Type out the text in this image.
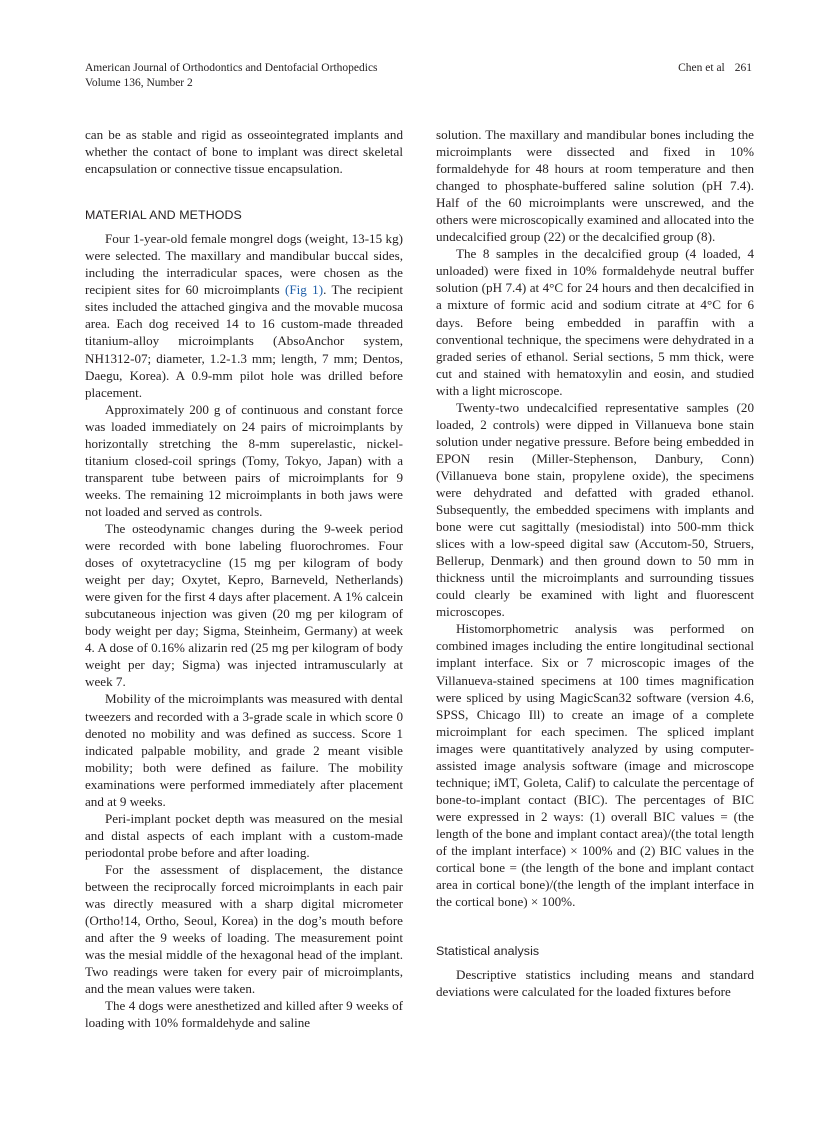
American Journal of Orthodontics and Dentofacial Orthopedics
Volume 136, Number 2
Chen et al 261

can be as stable and rigid as osseointegrated implants and whether the contact of bone to implant was direct skeletal encapsulation or connective tissue encapsulation.

MATERIAL AND METHODS

Four 1-year-old female mongrel dogs (weight, 13-15 kg) were selected. The maxillary and mandibular buccal sides, including the interradicular spaces, were chosen as the recipient sites for 60 microimplants (Fig 1). The recipient sites included the attached gingiva and the movable mucosa area. Each dog received 14 to 16 custom-made threaded titanium-alloy microimplants (AbsoAnchor system, NH1312-07; diameter, 1.2-1.3 mm; length, 7 mm; Dentos, Daegu, Korea). A 0.9-mm pilot hole was drilled before placement.

Approximately 200 g of continuous and constant force was loaded immediately on 24 pairs of microimplants by horizontally stretching the 8-mm superelastic, nickel-titanium closed-coil springs (Tomy, Tokyo, Japan) with a transparent tube between pairs of microimplants for 9 weeks. The remaining 12 microimplants in both jaws were not loaded and served as controls.

The osteodynamic changes during the 9-week period were recorded with bone labeling fluorochromes. Four doses of oxytetracycline (15 mg per kilogram of body weight per day; Oxytet, Kepro, Barneveld, Netherlands) were given for the first 4 days after placement. A 1% calcein subcutaneous injection was given (20 mg per kilogram of body weight per day; Sigma, Steinheim, Germany) at week 4. A dose of 0.16% alizarin red (25 mg per kilogram of body weight per day; Sigma) was injected intramuscularly at week 7.

Mobility of the microimplants was measured with dental tweezers and recorded with a 3-grade scale in which score 0 denoted no mobility and was defined as success. Score 1 indicated palpable mobility, and grade 2 meant visible mobility; both were defined as failure. The mobility examinations were performed immediately after placement and at 9 weeks.

Peri-implant pocket depth was measured on the mesial and distal aspects of each implant with a custom-made periodontal probe before and after loading.

For the assessment of displacement, the distance between the reciprocally forced microimplants in each pair was directly measured with a sharp digital micrometer (Ortho!14, Ortho, Seoul, Korea) in the dog’s mouth before and after the 9 weeks of loading. The measurement point was the mesial middle of the hexagonal head of the implant. Two readings were taken for every pair of microimplants, and the mean values were taken.

The 4 dogs were anesthetized and killed after 9 weeks of loading with 10% formaldehyde and saline

solution. The maxillary and mandibular bones including the microimplants were dissected and fixed in 10% formaldehyde for 48 hours at room temperature and then changed to phosphate-buffered saline solution (pH 7.4). Half of the 60 microimplants were unscrewed, and the others were microscopically examined and allocated into the undecalcified group (22) or the decalcified group (8).

The 8 samples in the decalcified group (4 loaded, 4 unloaded) were fixed in 10% formaldehyde neutral buffer solution (pH 7.4) at 4°C for 24 hours and then decalcified in a mixture of formic acid and sodium citrate at 4°C for 6 days. Before being embedded in paraffin with a conventional technique, the specimens were dehydrated in a graded series of ethanol. Serial sections, 5 mm thick, were cut and stained with hematoxylin and eosin, and studied with a light microscope.

Twenty-two undecalcified representative samples (20 loaded, 2 controls) were dipped in Villanueva bone stain solution under negative pressure. Before being embedded in EPON resin (Miller-Stephenson, Danbury, Conn) (Villanueva bone stain, propylene oxide), the specimens were dehydrated and defatted with graded ethanol. Subsequently, the embedded specimens with implants and bone were cut sagittally (mesiodistal) into 500-mm thick slices with a low-speed digital saw (Accutom-50, Struers, Bellerup, Denmark) and then ground down to 50 mm in thickness until the microimplants and surrounding tissues could clearly be examined with light and fluorescent microscopes.

Histomorphometric analysis was performed on combined images including the entire longitudinal sectional implant interface. Six or 7 microscopic images of the Villanueva-stained specimens at 100 times magnification were spliced by using MagicScan32 software (version 4.6, SPSS, Chicago Ill) to create an image of a complete microimplant for each specimen. The spliced implant images were quantitatively analyzed by using computer-assisted image analysis software (image and microscope technique; iMT, Goleta, Calif) to calculate the percentage of bone-to-implant contact (BIC). The percentages of BIC were expressed in 2 ways: (1) overall BIC values = (the length of the bone and implant contact area)/(the total length of the implant interface) × 100% and (2) BIC values in the cortical bone = (the length of the bone and implant contact area in cortical bone)/(the length of the implant interface in the cortical bone) × 100%.

Statistical analysis

Descriptive statistics including means and standard deviations were calculated for the loaded fixtures before
